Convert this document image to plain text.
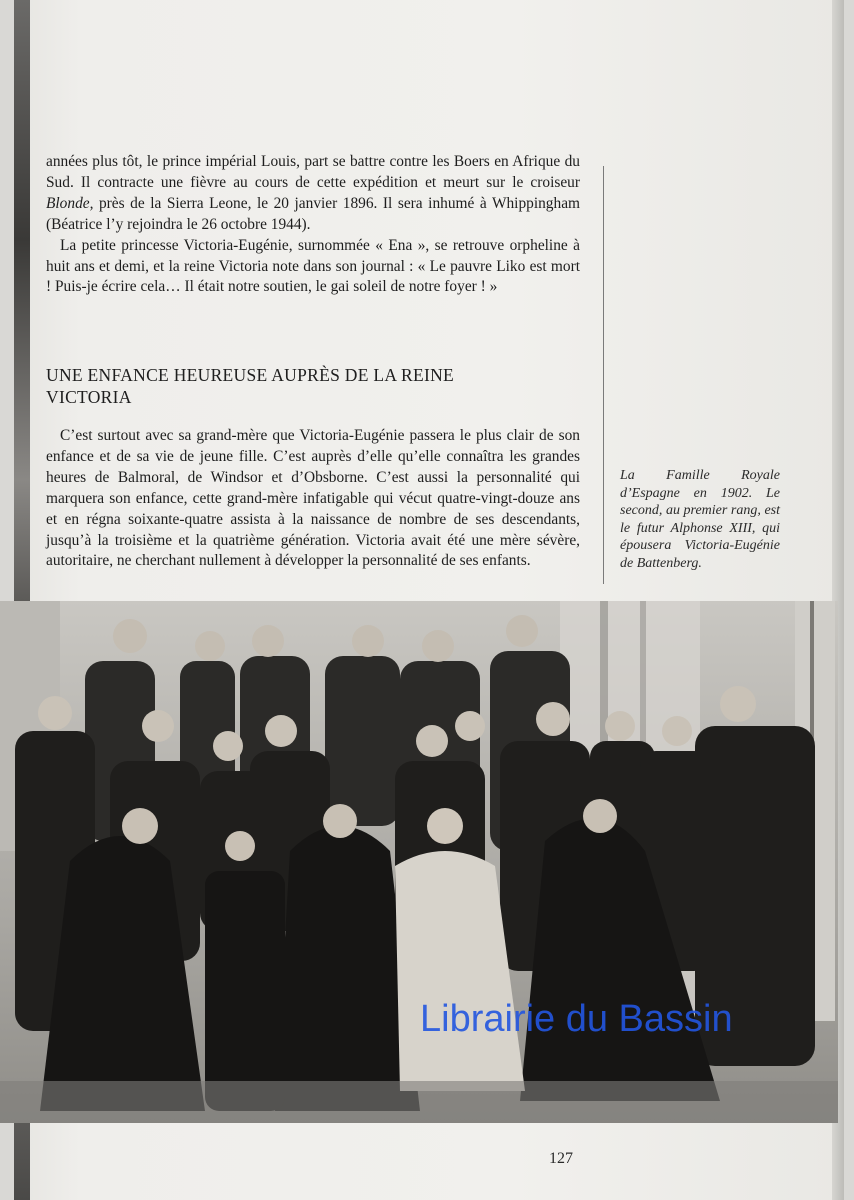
années plus tôt, le prince impérial Louis, part se battre contre les Boers en Afrique du Sud. Il contracte une fièvre au cours de cette expédition et meurt sur le croiseur Blonde, près de la Sierra Leone, le 20 janvier 1896. Il sera inhumé à Whippingham (Béatrice l’y rejoindra le 26 octobre 1944).

La petite princesse Victoria-Eugénie, surnommée « Ena », se retrouve orpheline à huit ans et demi, et la reine Victoria note dans son journal : « Le pauvre Liko est mort ! Puis-je écrire cela… Il était notre soutien, le gai soleil de notre foyer ! »

UNE ENFANCE HEUREUSE AUPRÈS DE LA REINE
VICTORIA

C’est surtout avec sa grand-mère que Victoria-Eugénie passera le plus clair de son enfance et de sa vie de jeune fille. C’est auprès d’elle qu’elle connaîtra les grandes heures de Balmoral, de Windsor et d’Obsborne. C’est aussi la personnalité qui marquera son enfance, cette grand-mère infatigable qui vécut quatre-vingt-douze ans et en régna soixante-quatre assista à la naissance de nombre de ses descendants, jusqu’à la troisième et la quatrième génération. Victoria avait été une mère sévère, autoritaire, ne cherchant nullement à développer la personnalité de ses enfants.

La Famille Royale d’Espagne en 1902. Le second, au premier rang, est le futur Alphonse XIII, qui épousera Victoria-Eugénie de Battenberg.
Librairie du Bassin
127
